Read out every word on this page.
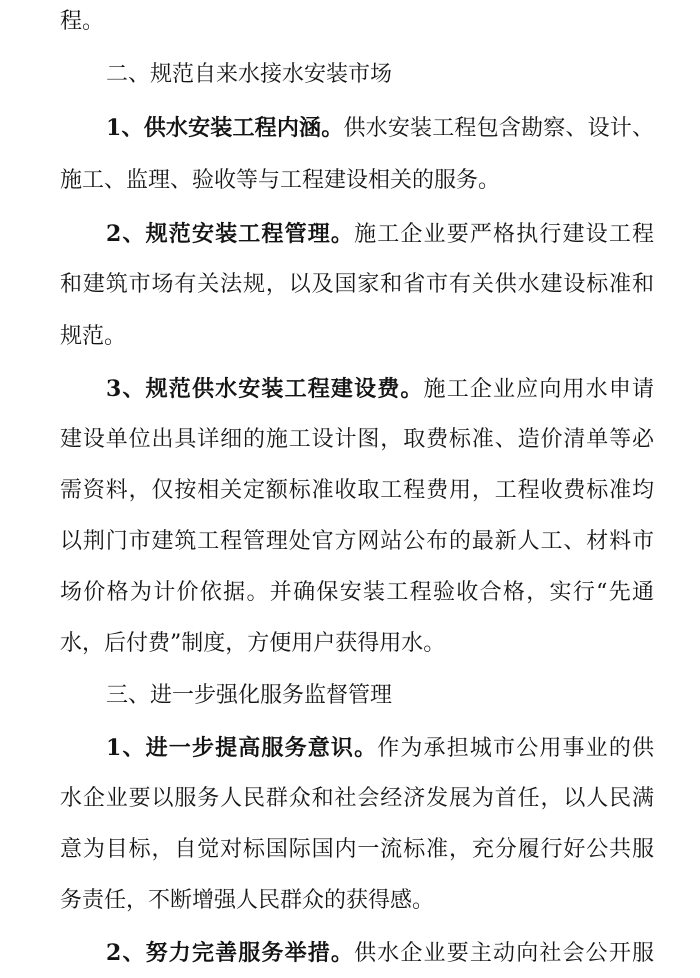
程。
二、规范自来水接水安装市场
1、供水安装工程内涵。供水安装工程包含勘察、设计、
施工、监理、验收等与工程建设相关的服务。
2、规范安装工程管理。施工企业要严格执行建设工程
和建筑市场有关法规，以及国家和省市有关供水建设标准和
规范。
3、规范供水安装工程建设费。施工企业应向用水申请
建设单位出具详细的施工设计图，取费标准、造价清单等必
需资料，仅按相关定额标准收取工程费用，工程收费标准均
以荆门市建筑工程管理处官方网站公布的最新人工、材料市
场价格为计价依据。并确保安装工程验收合格，实行“先通
水，后付费”制度，方便用户获得用水。
三、进一步强化服务监督管理
1、进一步提高服务意识。作为承担城市公用事业的供
水企业要以服务人民群众和社会经济发展为首任，以人民满
意为目标，自觉对标国际国内一流标准，充分履行好公共服
务责任，不断增强人民群众的获得感。
2、努力完善服务举措。供水企业要主动向社会公开服
